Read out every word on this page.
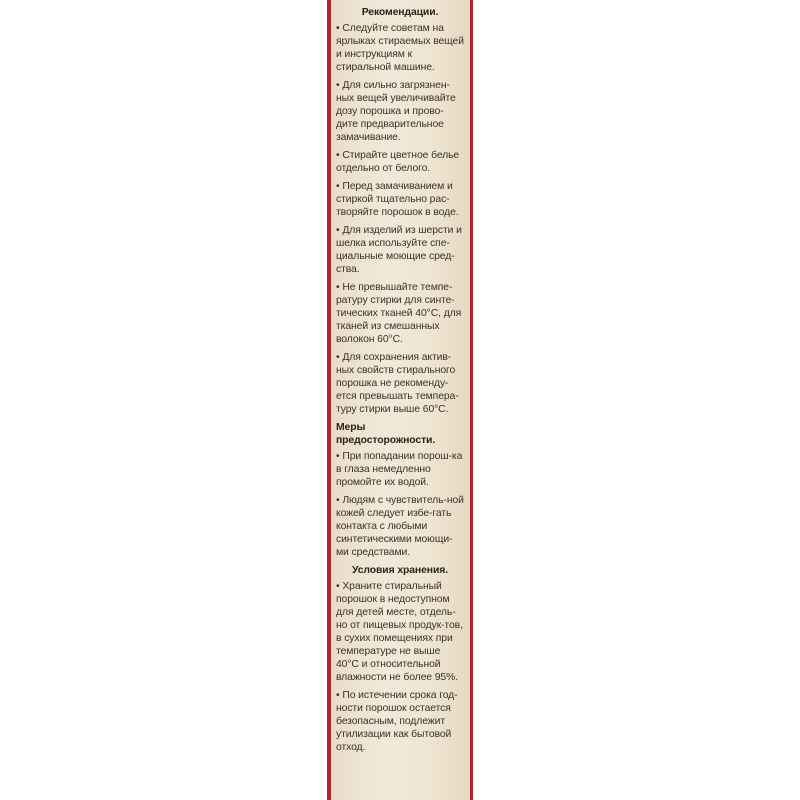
Рекомендации.
• Следуйте советам на ярлыках стираемых вещей и инструкциям к стиральной машине.
• Для сильно загрязнен-ных вещей увеличивайте дозу порошка и прово-дите предварительное замачивание.
• Стирайте цветное белье отдельно от белого.
• Перед замачиванием и стиркой тщательно рас-творяйте порошок в воде.
• Для изделий из шерсти и шелка используйте спе-циальные моющие сред-ства.
• Не превышайте темпе-ратуру стирки для синте-тических тканей 40°C, для тканей из смешанных волокон 60°C.
• Для сохранения актив-ных свойств стирального порошка не рекоменду-ется превышать темпера-туру стирки выше 60°C.
Меры предосторожности.
• При попадании порош-ка в глаза немедленно промойте их водой.
• Людям с чувствитель-ной кожей следует избе-гать контакта с любыми синтетическими моющи-ми средствами.
Условия хранения.
• Храните стиральный порошок в недоступном для детей месте, отдель-но от пищевых продук-тов, в сухих помещениях при температуре не выше 40°C и относительной влажности не более 95%.
• По истечении срока год-ности порошок остается безопасным, подлежит утилизации как бытовой отход.
